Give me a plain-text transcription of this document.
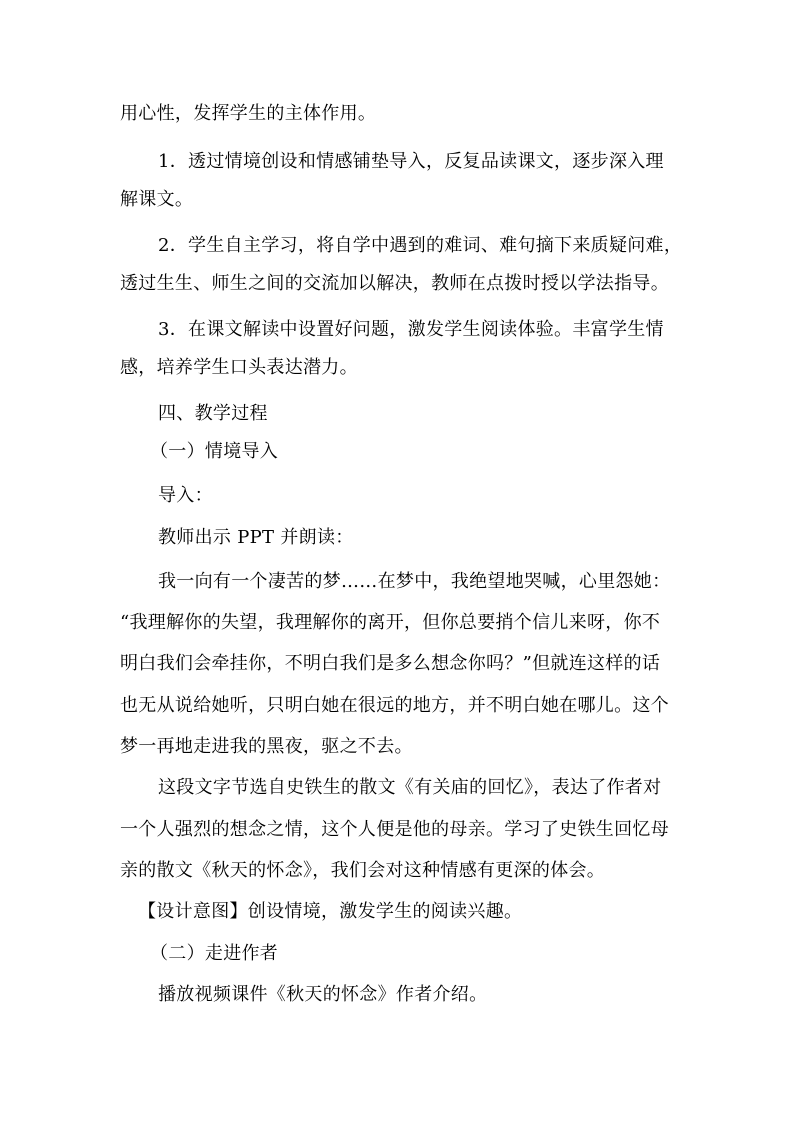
用心性，发挥学生的主体作用。
1．透过情境创设和情感铺垫导入，反复品读课文，逐步深入理
解课文。
2．学生自主学习，将自学中遇到的难词、难句摘下来质疑问难，
透过生生、师生之间的交流加以解决，教师在点拨时授以学法指导。
3．在课文解读中设置好问题，激发学生阅读体验。丰富学生情
感，培养学生口头表达潜力。
四、教学过程
（一）情境导入
导入：
教师出示 PPT 并朗读：
我一向有一个凄苦的梦……在梦中，我绝望地哭喊，心里怨她：
“我理解你的失望，我理解你的离开，但你总要捎个信儿来呀，你不
明白我们会牵挂你，不明白我们是多么想念你吗？”但就连这样的话
也无从说给她听，只明白她在很远的地方，并不明白她在哪儿。这个
梦一再地走进我的黑夜，驱之不去。
这段文字节选自史铁生的散文《有关庙的回忆》，表达了作者对
一个人强烈的想念之情，这个人便是他的母亲。学习了史铁生回忆母
亲的散文《秋天的怀念》，我们会对这种情感有更深的体会。
【设计意图】创设情境，激发学生的阅读兴趣。
（二）走进作者
播放视频课件《秋天的怀念》作者介绍。
